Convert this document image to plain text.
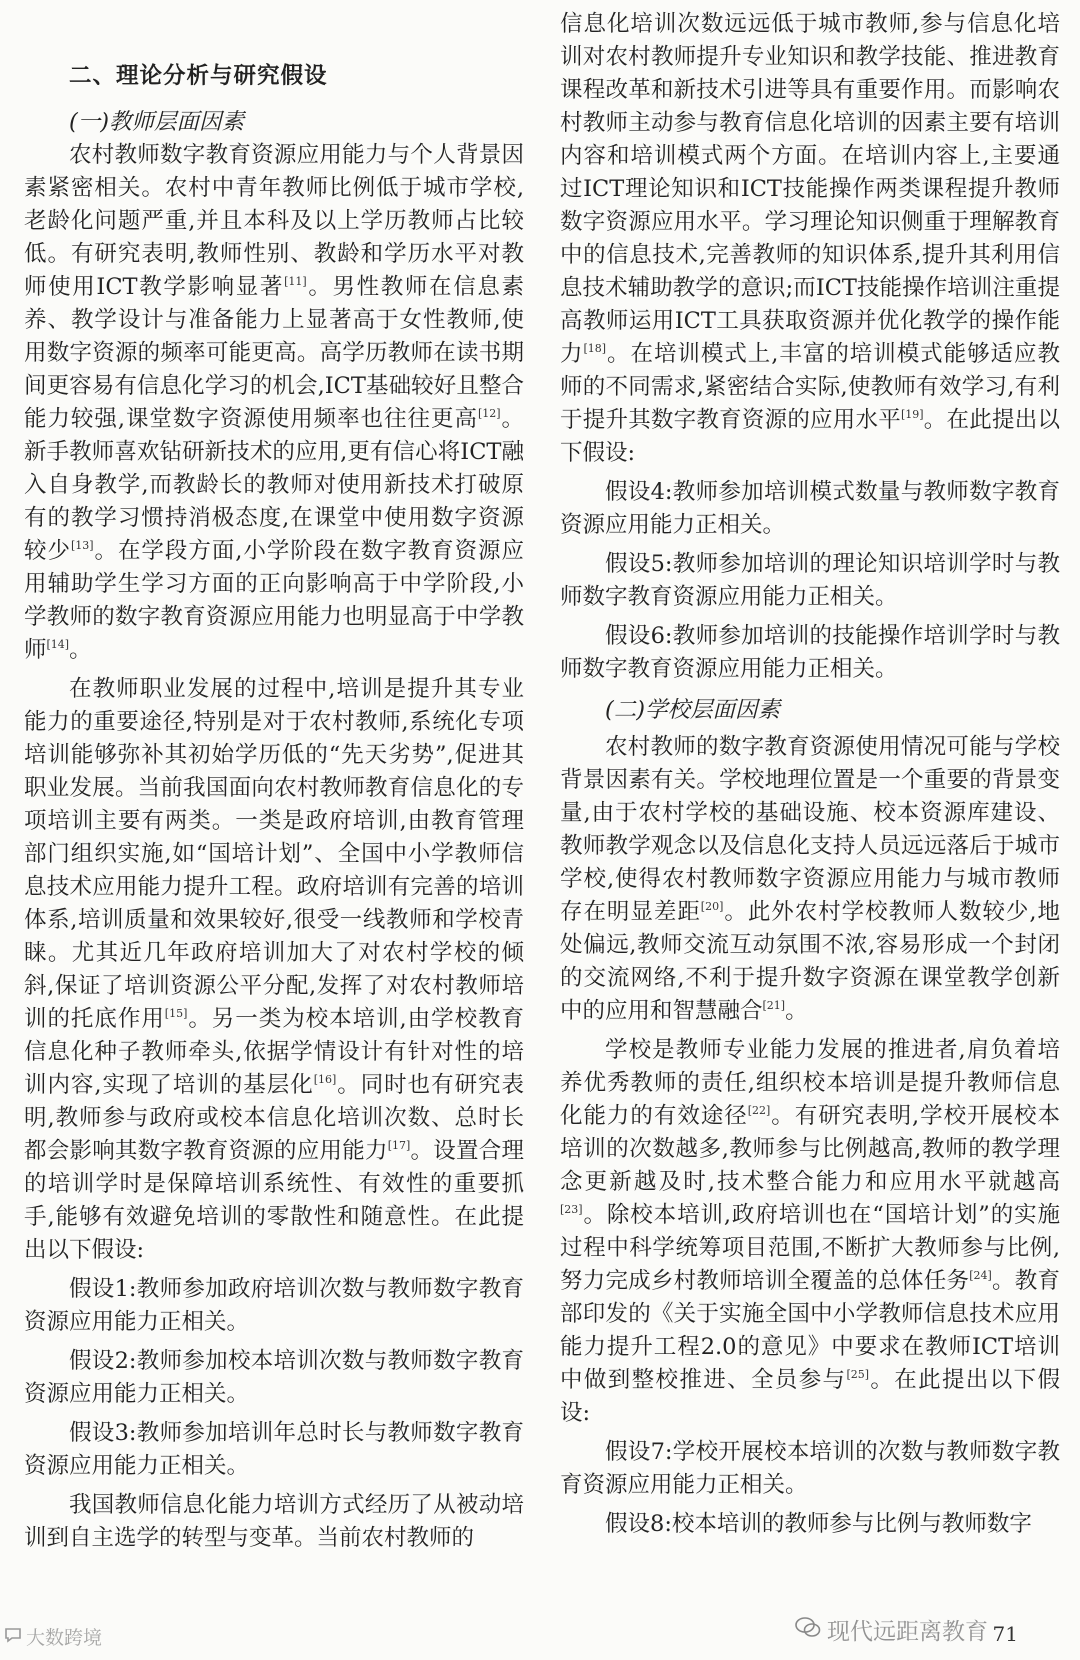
二、理论分析与研究假设
(一)教师层面因素

农村教师数字教育资源应用能力与个人背景因素紧密相关。农村中青年教师比例低于城市学校,老龄化问题严重,并且本科及以上学历教师占比较低。有研究表明,教师性别、教龄和学历水平对教师使用ICT教学影响显著[11]。男性教师在信息素养、教学设计与准备能力上显著高于女性教师,使用数字资源的频率可能更高。高学历教师在读书期间更容易有信息化学习的机会,ICT基础较好且整合能力较强,课堂数字资源使用频率也往往更高[12]。新手教师喜欢钻研新技术的应用,更有信心将ICT融入自身教学,而教龄长的教师对使用新技术打破原有的教学习惯持消极态度,在课堂中使用数字资源较少[13]。在学段方面,小学阶段在数字教育资源应用辅助学生学习方面的正向影响高于中学阶段,小学教师的数字教育资源应用能力也明显高于中学教师[14]。

在教师职业发展的过程中,培训是提升其专业能力的重要途径,特别是对于农村教师,系统化专项培训能够弥补其初始学历低的“先天劣势”,促进其职业发展。当前我国面向农村教师教育信息化的专项培训主要有两类。一类是政府培训,由教育管理部门组织实施,如“国培计划”、全国中小学教师信息技术应用能力提升工程。政府培训有完善的培训体系,培训质量和效果较好,很受一线教师和学校青睐。尤其近几年政府培训加大了对农村学校的倾斜,保证了培训资源公平分配,发挥了对农村教师培训的托底作用[15]。另一类为校本培训,由学校教育信息化种子教师牵头,依据学情设计有针对性的培训内容,实现了培训的基层化[16]。同时也有研究表明,教师参与政府或校本信息化培训次数、总时长都会影响其数字教育资源的应用能力[17]。设置合理的培训学时是保障培训系统性、有效性的重要抓手,能够有效避免培训的零散性和随意性。在此提出以下假设:

假设1:教师参加政府培训次数与教师数字教育资源应用能力正相关。

假设2:教师参加校本培训次数与教师数字教育资源应用能力正相关。

假设3:教师参加培训年总时长与教师数字教育资源应用能力正相关。

我国教师信息化能力培训方式经历了从被动培训到自主选学的转型与变革。当前农村教师的

信息化培训次数远远低于城市教师,参与信息化培训对农村教师提升专业知识和教学技能、推进教育课程改革和新技术引进等具有重要作用。而影响农村教师主动参与教育信息化培训的因素主要有培训内容和培训模式两个方面。在培训内容上,主要通过ICT理论知识和ICT技能操作两类课程提升教师数字资源应用水平。学习理论知识侧重于理解教育中的信息技术,完善教师的知识体系,提升其利用信息技术辅助教学的意识;而ICT技能操作培训注重提高教师运用ICT工具获取资源并优化教学的操作能力[18]。在培训模式上,丰富的培训模式能够适应教师的不同需求,紧密结合实际,使教师有效学习,有利于提升其数字教育资源的应用水平[19]。在此提出以下假设:

假设4:教师参加培训模式数量与教师数字教育资源应用能力正相关。

假设5:教师参加培训的理论知识培训学时与教师数字教育资源应用能力正相关。

假设6:教师参加培训的技能操作培训学时与教师数字教育资源应用能力正相关。

(二)学校层面因素

农村教师的数字教育资源使用情况可能与学校背景因素有关。学校地理位置是一个重要的背景变量,由于农村学校的基础设施、校本资源库建设、教师教学观念以及信息化支持人员远远落后于城市学校,使得农村教师数字资源应用能力与城市教师存在明显差距[20]。此外农村学校教师人数较少,地处偏远,教师交流互动氛围不浓,容易形成一个封闭的交流网络,不利于提升数字资源在课堂教学创新中的应用和智慧融合[21]。

学校是教师专业能力发展的推进者,肩负着培养优秀教师的责任,组织校本培训是提升教师信息化能力的有效途径[22]。有研究表明,学校开展校本培训的次数越多,教师参与比例越高,教师的教学理念更新越及时,技术整合能力和应用水平就越高[23]。除校本培训,政府培训也在“国培计划”的实施过程中科学统筹项目范围,不断扩大教师参与比例,努力完成乡村教师培训全覆盖的总体任务[24]。教育部印发的《关于实施全国中小学教师信息技术应用能力提升工程2.0的意见》中要求在教师ICT培训中做到整校推进、全员参与[25]。在此提出以下假设:

假设7:学校开展校本培训的次数与教师数字教育资源应用能力正相关。

假设8:校本培训的教师参与比例与教师数字

大数跨境	现代远距离教育 71
